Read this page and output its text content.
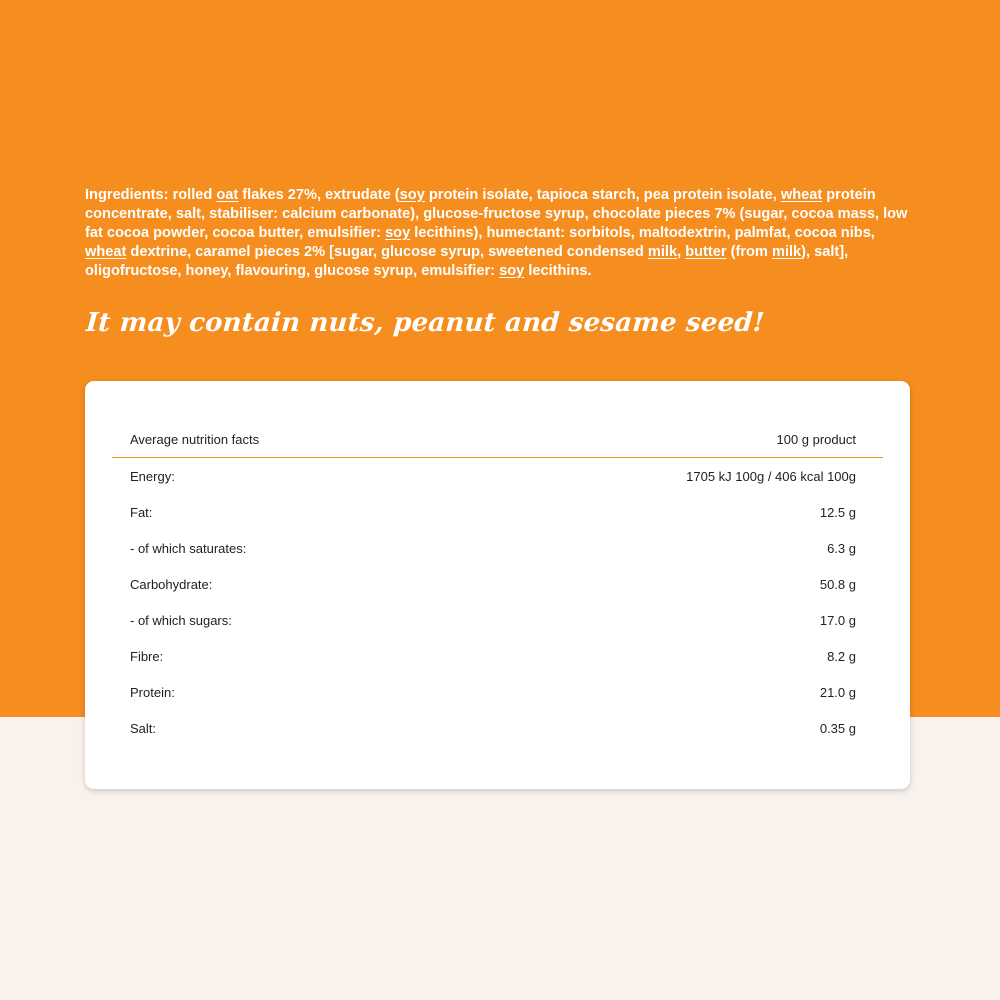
Ingredients: rolled oat flakes 27%, extrudate (soy protein isolate, tapioca starch, pea protein isolate, wheat protein concentrate, salt, stabiliser: calcium carbonate), glucose-fructose syrup, chocolate pieces 7% (sugar, cocoa mass, low fat cocoa powder, cocoa butter, emulsifier: soy lecithins), humectant: sorbitols, maltodextrin, palmfat, cocoa nibs, wheat dextrine, caramel pieces 2% [sugar, glucose syrup, sweetened condensed milk, butter (from milk), salt], oligofructose, honey, flavouring, glucose syrup, emulsifier: soy lecithins.

It may contain nuts, peanut and sesame seed!

Average nutrition facts	100 g product
Energy:	1705 kJ 100g / 406 kcal 100g
Fat:	12.5 g
- of which saturates:	6.3 g
Carbohydrate:	50.8 g
- of which sugars:	17.0 g
Fibre:	8.2 g
Protein:	21.0 g
Salt:	0.35 g
